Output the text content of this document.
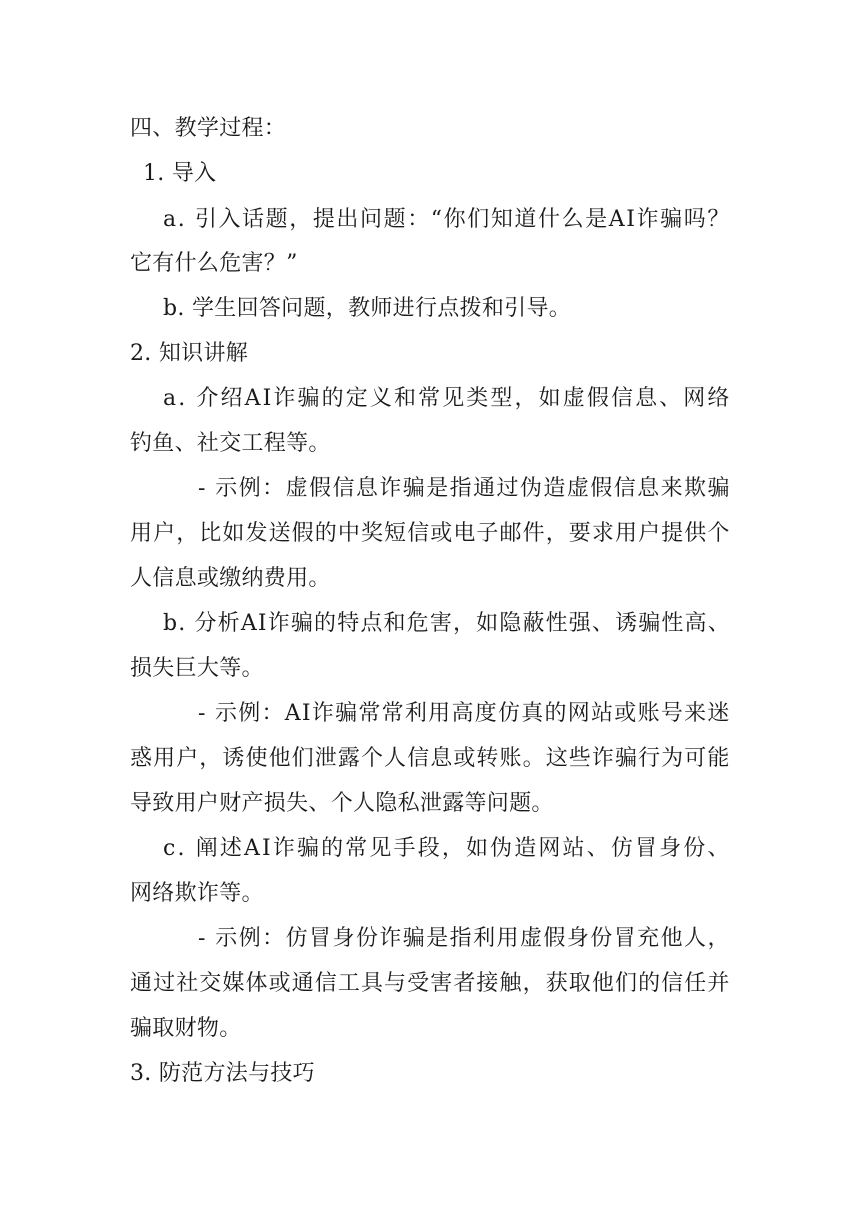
四、教学过程：
1. 导入
a .
引 入 话 题 ， 提 出 问 题 ： “ 你 们 知 道 什 么 是 A I 诈 骗 吗 ？
它有什么危害？”
b. 学生回答问题，教师进行点拨和引导。
2. 知识讲解
a .
介 绍 A I 诈 骗 的 定 义 和 常 见 类 型 ， 如 虚 假 信 息 、 网 络
钓鱼、社交工程等。
-
示 例 ： 虚 假 信 息 诈 骗 是 指 通 过 伪 造 虚 假 信 息 来 欺 骗
用 户 ， 比 如 发 送 假 的 中 奖 短 信 或 电 子 邮 件 ， 要 求 用 户 提 供 个
人信息或缴纳费用。
b .
分 析 A I 诈 骗 的 特 点 和 危 害 ， 如 隐 蔽 性 强 、 诱 骗 性 高 、
损失巨大等。
-
示 例 ： A I 诈 骗 常 常 利 用 高 度 仿 真 的 网 站 或 账 号 来 迷
惑 用 户 ， 诱 使 他 们 泄 露 个 人 信 息 或 转 账 。 这 些 诈 骗 行 为 可 能
导致用户财产损失、个人隐私泄露等问题。
c .
阐 述 A I 诈 骗 的 常 见 手 段 ， 如 伪 造 网 站 、 仿 冒 身 份 、
网络欺诈等。
-
示 例 ： 仿 冒 身 份 诈 骗 是 指 利 用 虚 假 身 份 冒 充 他 人 ，
通 过 社 交 媒 体 或 通 信 工 具 与 受 害 者 接 触 ， 获 取 他 们 的 信 任 并
骗取财物。
3. 防范方法与技巧
